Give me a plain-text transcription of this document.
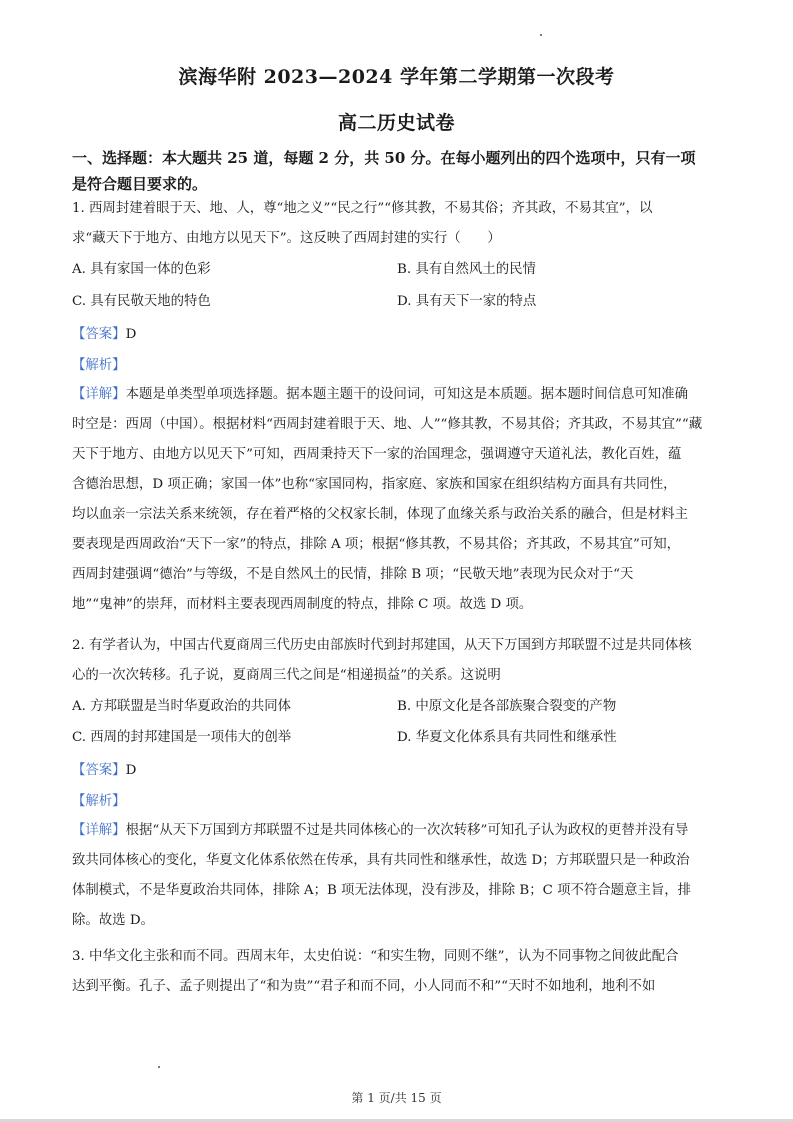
滨海华附 2023—2024 学年第二学期第一次段考
高二历史试卷
一、选择题：本大题共 25 道，每题 2 分，共 50 分。在每小题列出的四个选项中，只有一项
是符合题目要求的。

1. 西周封建着眼于天、地、人，尊“地之义”“民之行”“修其教，不易其俗；齐其政，不易其宜”，以

求“藏天下于地方、由地方以见天下”。这反映了西周封建的实行（　　）

A. 具有家国一体的色彩	B. 具有自然风土的民情
C. 具有民敬天地的特色	D. 具有天下一家的特点
【答案】D
【解析】

【详解】本题是单类型单项选择题。据本题主题干的设问词，可知这是本质题。据本题时间信息可知准确

时空是：西周（中国）。根据材料“西周封建着眼于天、地、人”“修其教，不易其俗；齐其政，不易其宜”“藏

天下于地方、由地方以见天下”可知，西周秉持天下一家的治国理念，强调遵守天道礼法，教化百姓，蕴

含德治思想，D 项正确；家国一体”也称“家国同构，指家庭、家族和国家在组织结构方面具有共同性，

均以血亲一宗法关系来统领，存在着严格的父权家长制，体现了血缘关系与政治关系的融合，但是材料主

要表现是西周政治“天下一家”的特点，排除 A 项；根据“修其教，不易其俗；齐其政，不易其宜”可知，

西周封建强调“德治”与等级，不是自然风土的民情，排除 B 项；“民敬天地”表现为民众对于“天

地”“鬼神”的崇拜，而材料主要表现西周制度的特点，排除 C 项。故选 D 项。

2. 有学者认为，中国古代夏商周三代历史由部族时代到封邦建国，从天下万国到方邦联盟不过是共同体核

心的一次次转移。孔子说，夏商周三代之间是“相递损益”的关系。这说明

A. 方邦联盟是当时华夏政治的共同体	B. 中原文化是各部族聚合裂变的产物
C. 西周的封邦建国是一项伟大的创举	D. 华夏文化体系具有共同性和继承性
【答案】D
【解析】

【详解】根据“从天下万国到方邦联盟不过是共同体核心的一次次转移”可知孔子认为政权的更替并没有导

致共同体核心的变化，华夏文化体系依然在传承，具有共同性和继承性，故选 D；方邦联盟只是一种政治

体制模式，不是华夏政治共同体，排除 A；B 项无法体现，没有涉及，排除 B；C 项不符合题意主旨，排

除。故选 D。

3. 中华文化主张和而不同。西周末年，太史伯说：“和实生物，同则不继”，认为不同事物之间彼此配合

达到平衡。孔子、孟子则提出了“和为贵”“君子和而不同，小人同而不和”“天时不如地利，地利不如

第 1 页/共 15 页
